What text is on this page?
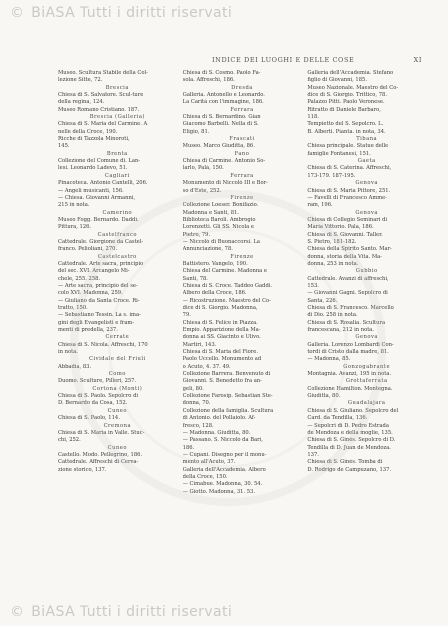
© BiASA Tutti i diritti riservati
INDICE DEI LUOGHI E DELLE COSE	XI
Museo. Scultura Stabile della Col-
lezione Sitte, 72.
Brescia
Chiesa di S. Salvatore. Scul-ture
della regina, 124.
Museo Romano Cristiano. 187.
Brescia (Galleria)
Chiesa di S. Maria del Carmine. A
nelle della Croce, 190.
Ricche di Tazzola Minoroti,
145.
Brenta
Collezione del Comune di. Lan-
lesi. Leonardo Ladevo, 51.
Cagliari
Pinacoteca. Antonio Cantelli, 206.
— Angeli musicanti, 156.
— Chiesa. Giovanni Armanni,
215 in nota.
Camerino
Museo Fogg. Bernardo. Daddi.
Pittura, 126.
Castelfranco
Cattedrale. Giorgione da Castel-
franco. Pelioliani, 270.
Castelcastro
Cattedrale. Arte sacra, principio
del sec. XVI. Arcangelo Mi-
chele, 255. 258.
— Arte sacra, principio del se-
colo XVI. Madonna, 259.
— Giuliano da Santa Croce. Ri-
tratto, 150.
— Sebastiano Tessin. La s. ima-
gini degli Evangelisti e fram-
menti di predella, 237.
Cerrate
Chiesa di S. Nicola. Affreschi, 170
in nota.
Cividale del Friuli
Abbadia, 83.
Como
Duomo. Sculture, Pilleri, 257.
Cortona (Monti)
Chiesa di S. Paolo. Sepolcro di
D. Bernardo da Cosa, 152.
Cuneo
Chiesa di S. Paolo, 114.
Cremona
Chiesa di S. Maria in Valle. Stuc-
chi, 252.
Cuneo
Castello. Modo. Pellegrino, 186.
Cattedrale. Affreschi di Cerva-
zione storico, 137.
Chiesa di S. Cosmo. Paolo Fa-
sola. Affreschi, 186.
Dresda
Galleria. Antonello e Leonardo.
La Carità con l'immagine, 186.
Ferrara
Chiesa di S. Bernardino. Gian
Giacomo Barbelli. Nella di S.
Eligio, 81.
Frascati
Museo. Marco Giuditta, 86.
Fano
Chiesa di Carmine. Antonio So-
larlo, Palà, 150.
Ferrara
Monumento di Niccolò III e Bor-
so d'Este, 252.
Firenze
Collezione Loeser. Bonifazio.
Madonna e Santi, 81.
Biblioteca Baroli. Ambrogio
Lorenzetti. Gli SS. Nicola e
Pietro, 79.
— Niccolò di Buonaccorsi. La
Annunciazione, 78.
Firenze
Battistero. Vangelo, 190.
Chiesa del Carmine. Madonna e
Santi, 78.
Chiesa di S. Croce. Taddeo Gaddi.
Albero della Croce, 186.
— Ricostruzione. Maestro del Co-
dice di S. Giorgio. Madonna,
79.
Chiesa di S. Felice in Piazza.
Empio. Apparizione della Ma-
donna ai SS. Giacinto e Ulivo.
Martiri, 143.
Chiesa di S. Maria del Fiore.
Paolo Uccello. Monumento ad
o Acuto, 4. 37. 49.
Collezione Barrera. Benvenuto di
Giovanni. S. Benedetto fra an-
geli, 80.
Collezione Farosip. Sebastian Ste-
donna, 70.
Collezione della famiglia. Scultura
di Antonio. del Pollaiolo. Af-
fresco, 128.
— Madonna. Giuditta, 80.
— Passano. S. Niccolò da Bari,
186.
— Cupani. Disegno per il monu-
mento all'Acuto, 37.
Galleria dell'Accademia. Albero
della Croce, 150.
— Cimabue. Madonna, 30. 54.
— Giotto. Madonna, 31. 53.
Galleria dell'Accademia. Stefano
figlio di Giovanni, 185.
Museo Nazionale. Maestro del Co-
dice di S. Giorgio. Trittico, 78.
Palazzo Pitti. Paolo Veronese.
Ritratto di Daniele Barbaro,
118.
Tempietto del S. Sepolcro. L.
B. Alberti. Pianta. in nota, 34.
Tibana
Chiesa principale. Statue delle
famiglie Fontanesi, 151.
Gaeta
Chiesa di S. Caterina. Affreschi,
173-179. 187-195.
Genova
Chiesa di S. Maria Pittore, 251.
— Favelli di Francesco Amme-
ram, 196.
Genova
Chiesa di Collegio Seminari di
Maria Vittorio. Pala, 186.
Chiesa di S. Giovanni. Taller.
S. Pietro, 181-182.
Chiesa della Spirito Santo. Mar-
donna, storia della Vita. Ma-
donna, 253 in nota.
Gubbio
Cattedrale. Avanzi di affreschi,
153.
— Giovanni Gagni. Sepolcro di
Santa, 226.
Chiesa di S. Francesco. Marcello
di Dio. 258 in nota.
Chiesa di S. Rosalia. Scultura
francescana, 212 in nota.
Genova
Galleria. Lorenzo Lombardi Con-
tordi di Cristo dalla madre, 81.
— Madonna, 85.
Gonzogabrante
Montagnia. Avanzi, 195 in nota.
Grottaferrata
Collezione Hamilton. Montegna.
Giuditta, 80.
Guadalajara
Chiesa di S. Giuliano. Sepolcro del
Card. da Tendilla, 136.
— Sepolcri di D. Pedro Estrada
de Mendoza e della moglie, 135.
Chiesa di S. Ginés. Sepolcro di D.
Tendilla di D. Juan de Mendoza.
137.
Chiesa di S. Ginés. Tomba di
D. Rodrigo de Campuzano, 137.
© BiASA Tutti i diritti riservati
